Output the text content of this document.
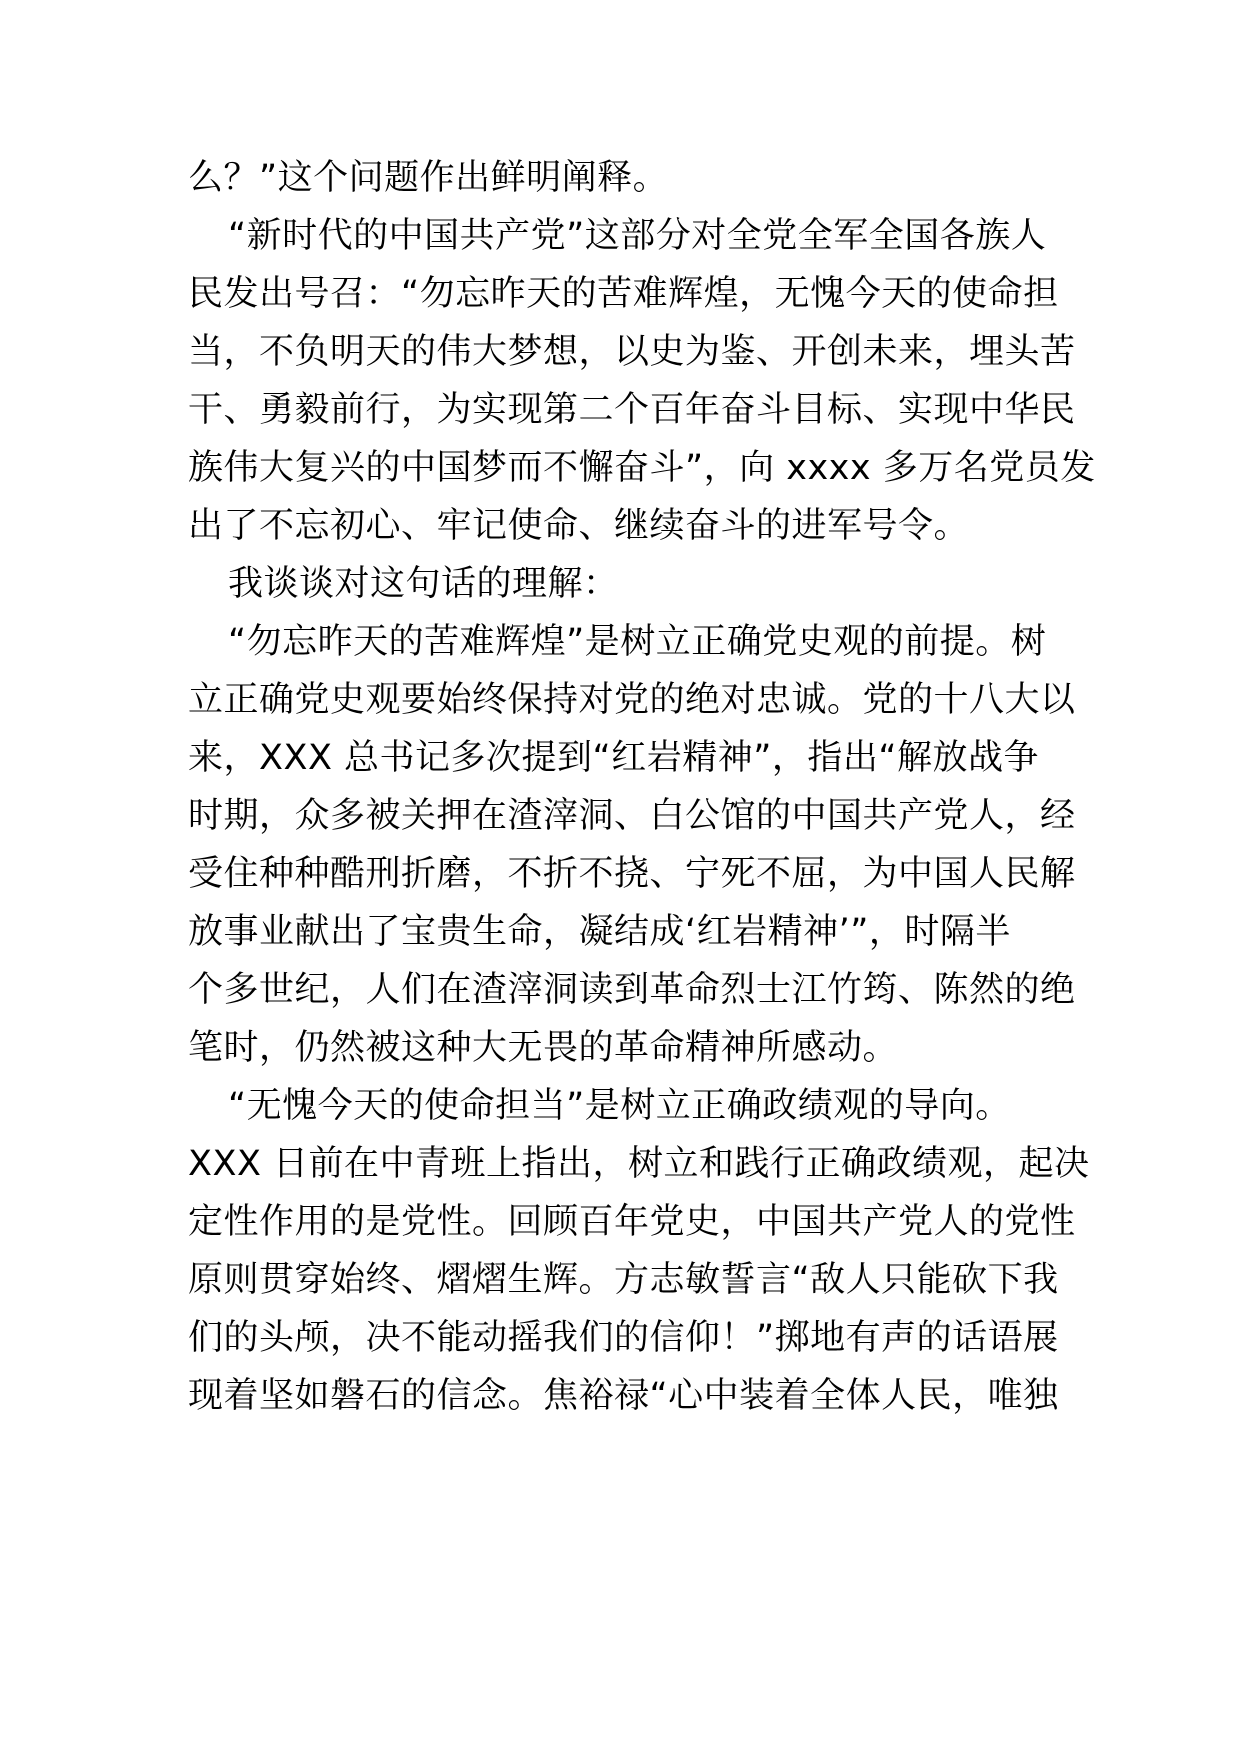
么？”这个问题作出鲜明阐释。
“新时代的中国共产党”这部分对全党全军全国各族人
民发出号召：“勿忘昨天的苦难辉煌，无愧今天的使命担
当，不负明天的伟大梦想，以史为鉴、开创未来，埋头苦
干、勇毅前行，为实现第二个百年奋斗目标、实现中华民
族伟大复兴的中国梦而不懈奋斗”，向 xxxx 多万名党员发
出了不忘初心、牢记使命、继续奋斗的进军号令。
我谈谈对这句话的理解：
“勿忘昨天的苦难辉煌”是树立正确党史观的前提。树
立正确党史观要始终保持对党的绝对忠诚。党的十八大以
来，XXX 总书记多次提到“红岩精神”，指出“解放战争
时期，众多被关押在渣滓洞、白公馆的中国共产党人，经
受住种种酷刑折磨，不折不挠、宁死不屈，为中国人民解
放事业献出了宝贵生命，凝结成‘红岩精神’”，时隔半
个多世纪，人们在渣滓洞读到革命烈士江竹筠、陈然的绝
笔时，仍然被这种大无畏的革命精神所感动。
“无愧今天的使命担当”是树立正确政绩观的导向。
XXX 日前在中青班上指出，树立和践行正确政绩观，起决
定性作用的是党性。回顾百年党史，中国共产党人的党性
原则贯穿始终、熠熠生辉。方志敏誓言“敌人只能砍下我
们的头颅，决不能动摇我们的信仰！”掷地有声的话语展
现着坚如磐石的信念。焦裕禄“心中装着全体人民，唯独
